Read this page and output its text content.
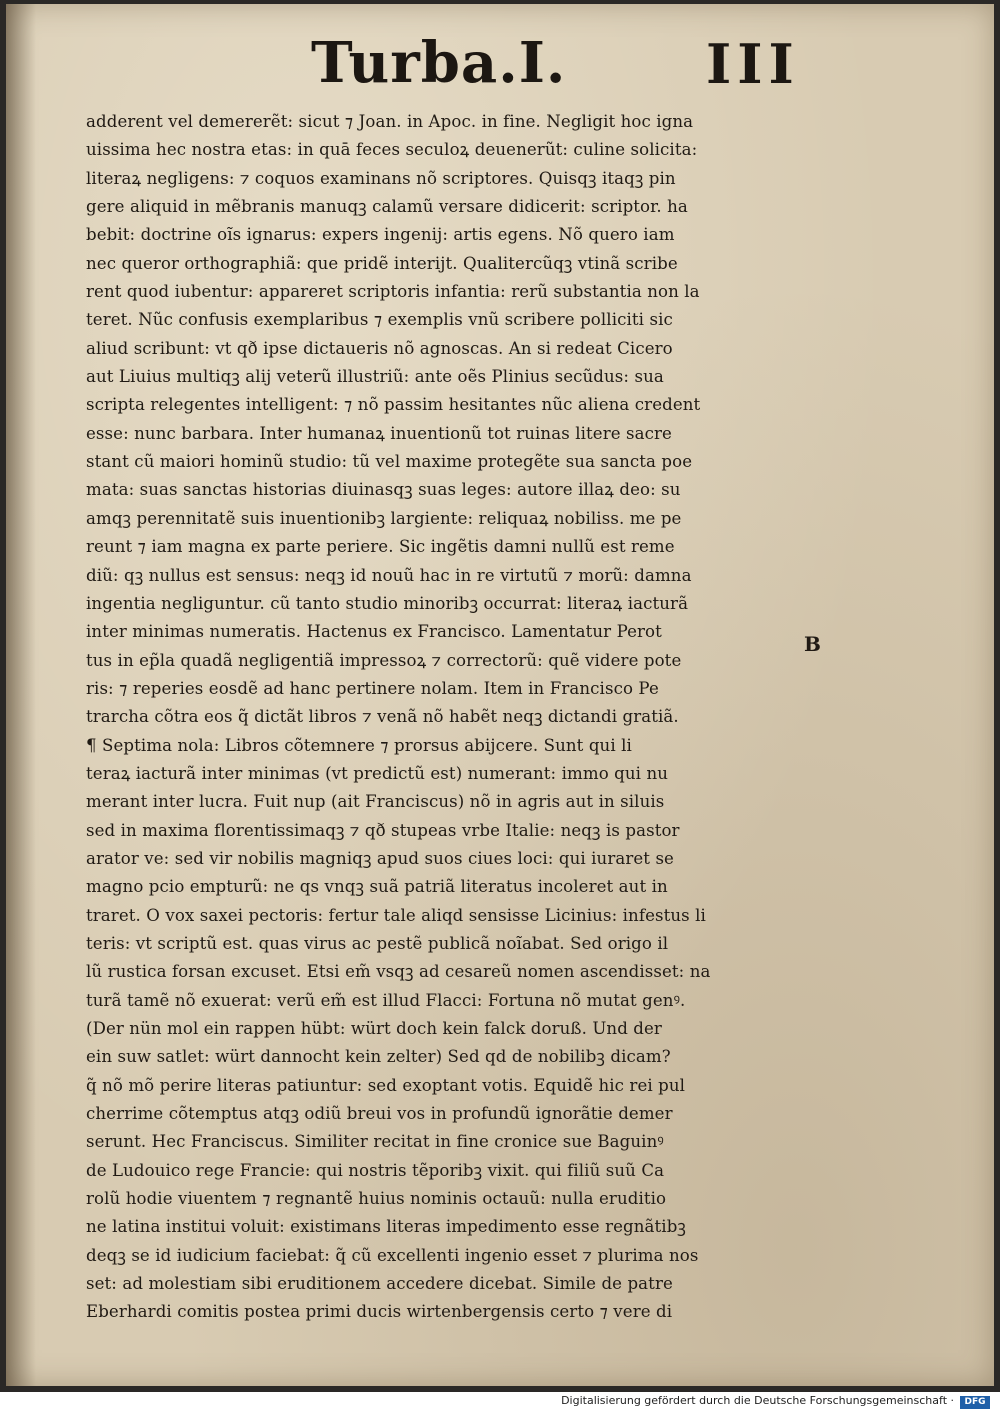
Turba.I.	III
adderent vel demererẽt: sicut ⁊ Joan. in Apoc. in fine. Negligit hoc igna
uissima hec nostra etas: in quā feces seculoꝝ deuenerũt: culine solicita:
literaꝝ negligens: ⁊ coquos examinans nõ scriptores. Quisqꝫ itaqꝫ pin
gere aliquid in mẽbranis manuqꝫ calamũ versare didicerit: scriptor. ha
bebit: doctrine oĩs ignarus: expers ingenij: artis egens. Nõ quero iam
nec queror orthographiã: que pridẽ interijt. Qualitercũqꝫ vtinã scribe
rent quod iubentur: appareret scriptoris infantia: rerũ substantia non la
teret. Nũc confusis exemplaribus ⁊ exemplis vnũ scribere polliciti sic
aliud scribunt: vt qð ipse dictaueris nõ agnoscas. An si redeat Cicero
aut Liuius multiqꝫ alij veterũ illustriũ: ante oẽs Plinius secũdus: sua
scripta relegentes intelligent: ⁊ nõ passim hesitantes nũc aliena credent
esse: nunc barbara. Inter humanaꝝ inuentionũ tot ruinas litere sacre
stant cũ maiori hominũ studio: tũ vel maxime protegẽte sua sancta poe
mata: suas sanctas historias diuinasqꝫ suas leges: autore illaꝝ deo: su
amqꝫ perennitatẽ suis inuentionibꝫ largiente: reliquaꝝ nobiliss. me pe
reunt ⁊ iam magna ex parte periere. Sic ingẽtis damni nullũ est reme
diũ: qꝫ nullus est sensus: neqꝫ id nouũ hac in re virtutũ ⁊ morũ: damna
ingentia negliguntur. cũ tanto studio minoribꝫ occurrat: literaꝝ iacturã
inter minimas numeratis. Hactenus ex Francisco. Lamentatur Perot
tus in ep̃la quadã negligentiã impressoꝝ ⁊ correctorũ: quẽ videre pote
ris: ⁊ reperies eosdẽ ad hanc pertinere nolam. Item in Francisco Pe
trarcha cõtra eos q̃ dictãt libros ⁊ venã nõ habẽt neqꝫ dictandi gratiã.
¶ Septima nola: Libros cõtemnere ⁊ prorsus abijcere. Sunt qui li
teraꝝ iacturã inter minimas (vt predictũ est) numerant: immo qui nu
merant inter lucra. Fuit nup (ait Franciscus) nõ in agris aut in siluis
sed in maxima florentissimaqꝫ ⁊ qð stupeas vrbe Italie: neqꝫ is pastor
arator ve: sed vir nobilis magniqꝫ apud suos ciues loci: qui iuraret se
magno pcio empturũ: ne qs vnqꝫ suã patriã literatus incoleret aut in
traret. O vox saxei pectoris: fertur tale aliqd sensisse Licinius: infestus li
teris: vt scriptũ est. quas virus ac pestẽ publicã noĩabat. Sed origo il
lũ rustica forsan excuset. Etsi em̃ vsqꝫ ad cesareũ nomen ascendisset: na
turã tamẽ nõ exuerat: verũ em̃ est illud Flacci: Fortuna nõ mutat genꝰ.
(Der nün mol ein rappen hübt: würt doch kein falck doruß. Und der
ein suw satlet: würt dannocht kein zelter) Sed qd de nobilibꝫ dicam?
q̃ nõ mõ perire literas patiuntur: sed exoptant votis. Equidẽ hic rei pul
cherrime cõtemptus atqꝫ odiũ breui vos in profundũ ignorãtie demer
serunt. Hec Franciscus. Similiter recitat in fine cronice sue Baguinꝰ
de Ludouico rege Francie: qui nostris tẽporibꝫ vixit. qui filiũ suũ Ca
rolũ hodie viuentem ⁊ regnantẽ huius nominis octauũ: nulla eruditio
ne latina institui voluit: existimans literas impedimento esse regnãtibꝫ
deqꝫ se id iudicium faciebat: q̃ cũ excellenti ingenio esset ⁊ plurima nos
set: ad molestiam sibi eruditionem accedere dicebat. Simile de patre
Eberhardi comitis postea primi ducis wirtenbergensis certo ⁊ vere di
B
Digitalisierung gefördert durch die Deutsche Forschungsgemeinschaft ·	DFG
